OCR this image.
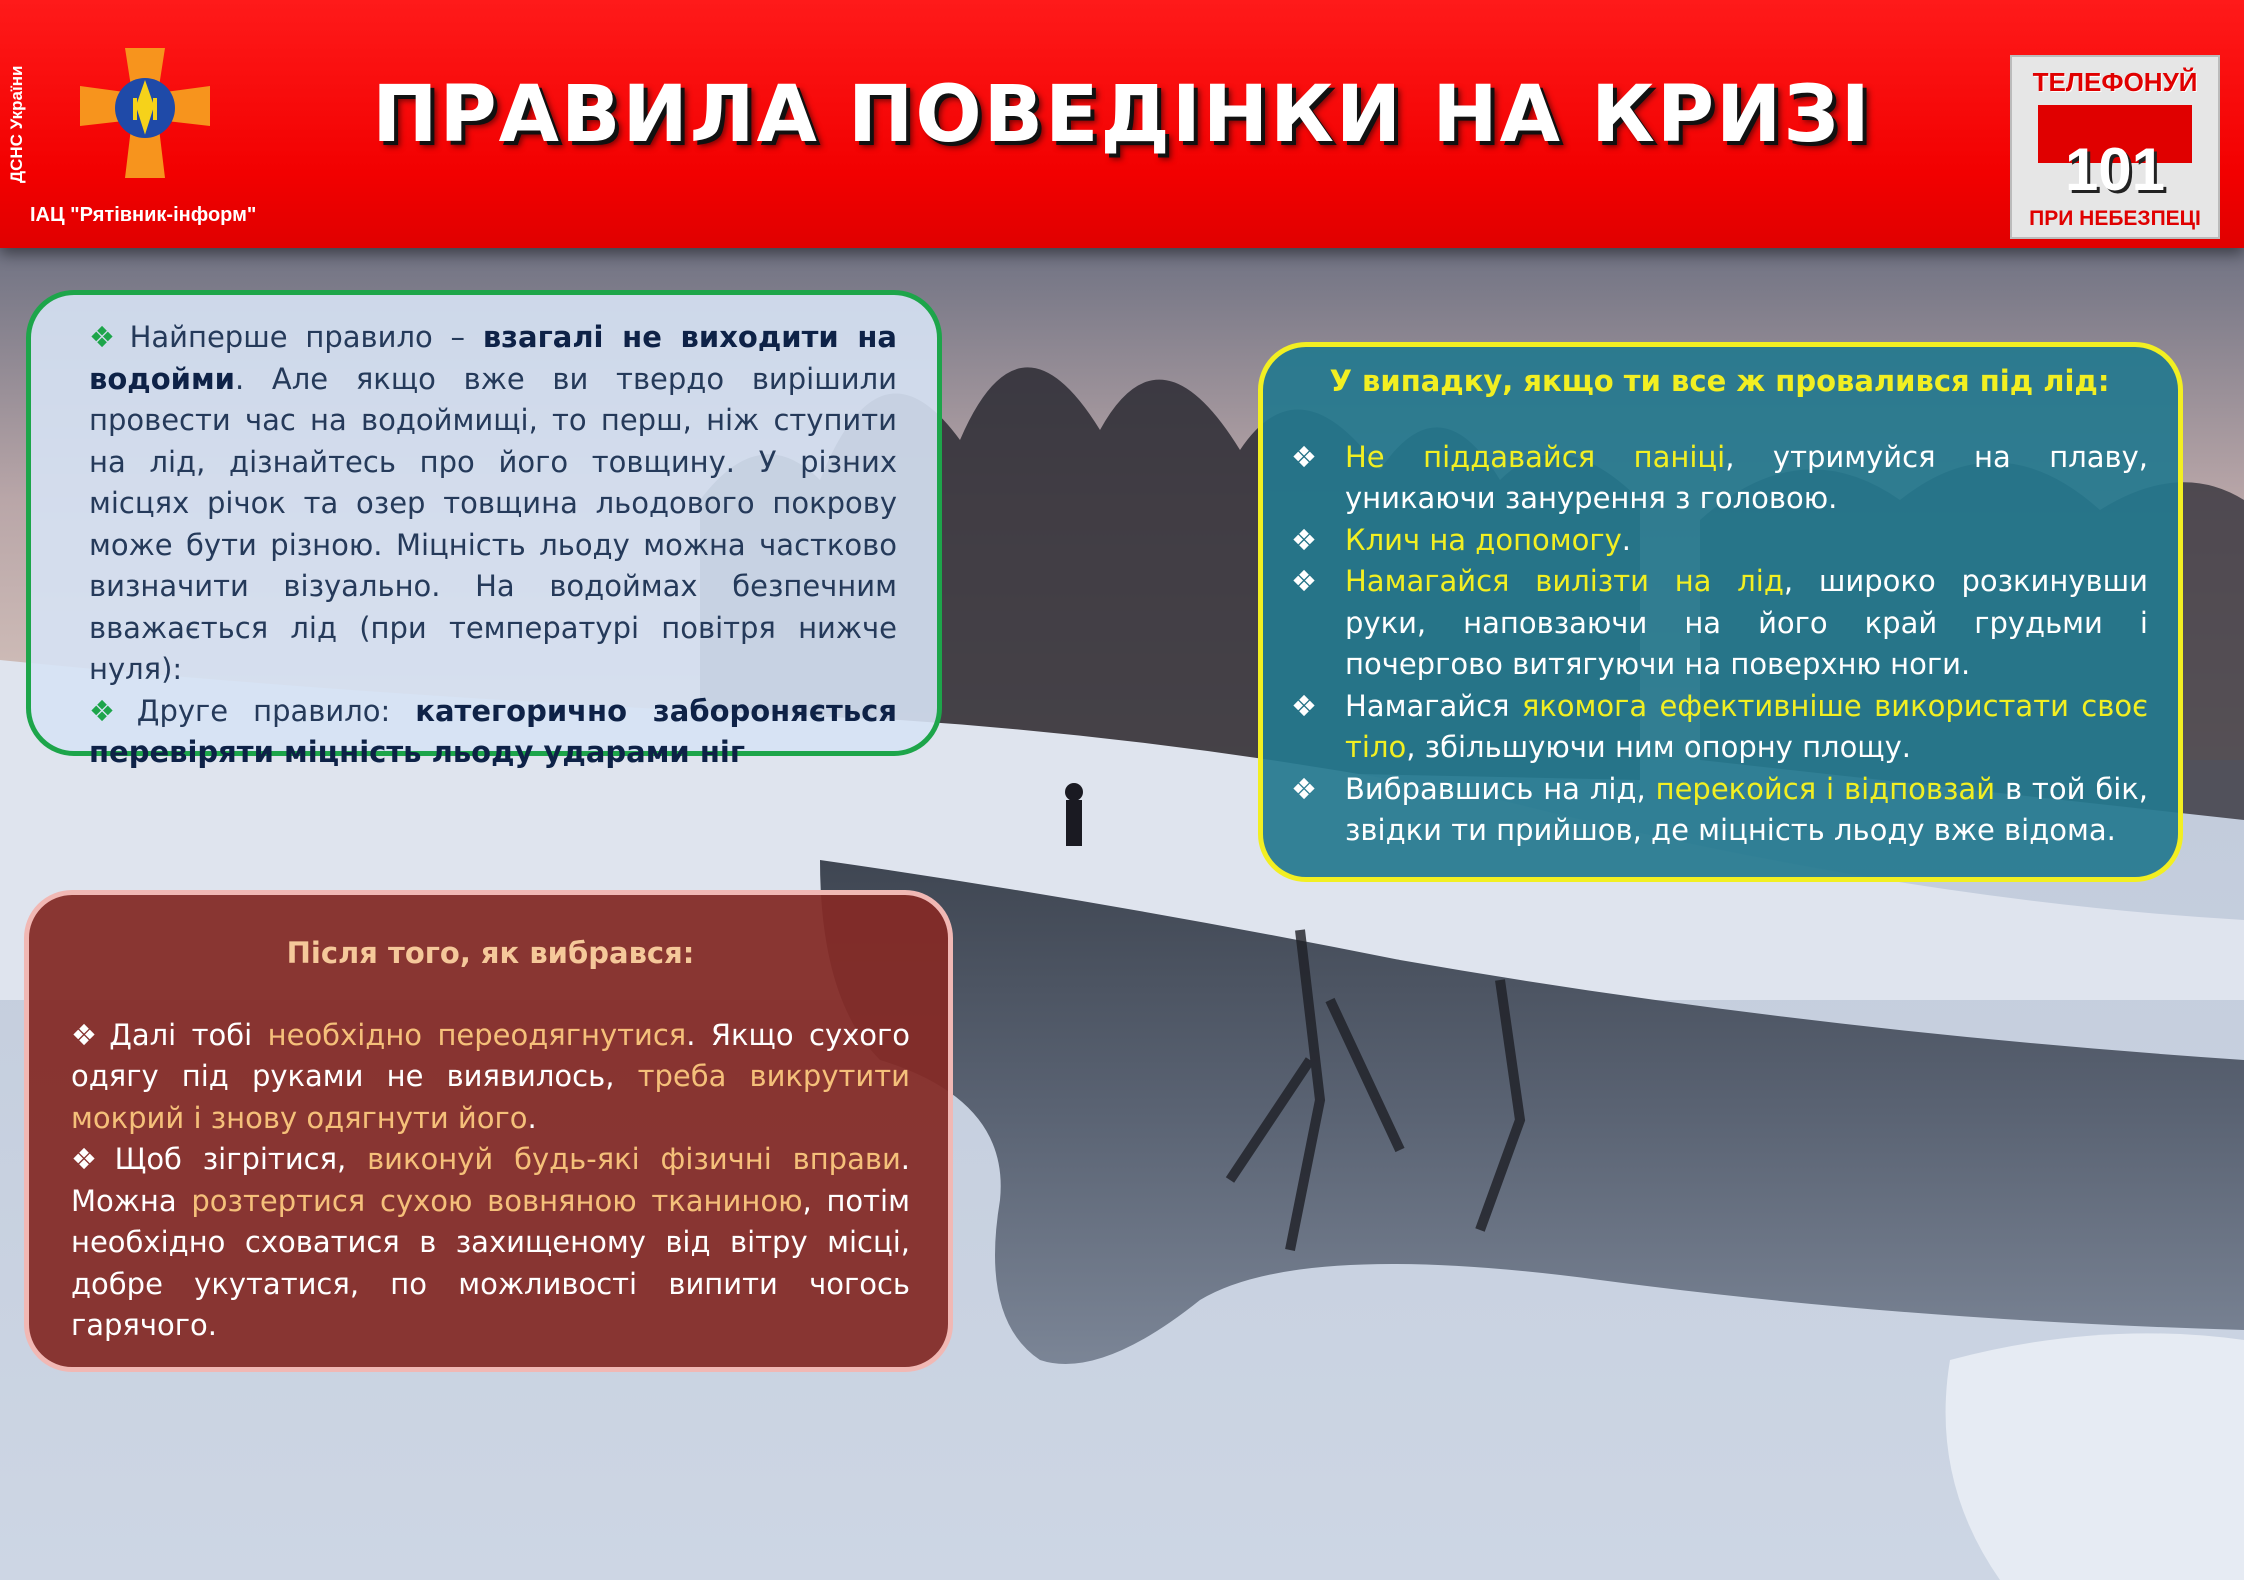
ДСНС України
ІАЦ "Рятівник-інформ"
ПРАВИЛА ПОВЕДІНКИ НА КРИЗІ	ТЕЛЕФОНУЙ
101
ПРИ НЕБЕЗПЕЦІ

❖ Найперше правило – взагалі не виходити на водойми. Але якщо вже ви твердо вирішили провести час на водоймищі, то перш, ніж ступити на лід, дізнайтесь про його товщину. У різних місцях річок та озер товщина льодового покрову може бути різною. Міцність льоду можна частково визначити візуально. На водоймах безпечним вважається лід (при температурі повітря нижче нуля):

❖ Друге правило: категорично забороняється перевіряти міцність льоду ударами ніг

У випадку, якщо ти все ж провалився під лід:
❖ Не піддавайся паніці, утримуйся на плаву, уникаючи занурення з головою.
❖ Клич на допомогу.
❖ Намагайся вилізти на лід, широко розкинувши руки, наповзаючи на його край грудьми і почергово витягуючи на поверхню ноги.
❖ Намагайся якомога ефективніше використати своє тіло, збільшуючи ним опорну площу.
❖ Вибравшись на лід, перекойся і відповзай в той бік, звідки ти прийшов, де міцність льоду вже відома.
Після того, як вибрався:

❖ Далі тобі необхідно переодягнутися. Якщо сухого одягу під руками не виявилось, треба викрутити мокрий і знову одягнути його.

❖ Щоб зігрітися, виконуй будь-які фізичні вправи. Можна розтертися сухою вовняною тканиною, потім необхідно сховатися в захищеному від вітру місці, добре укутатися, по можливості випити чогось гарячого.
